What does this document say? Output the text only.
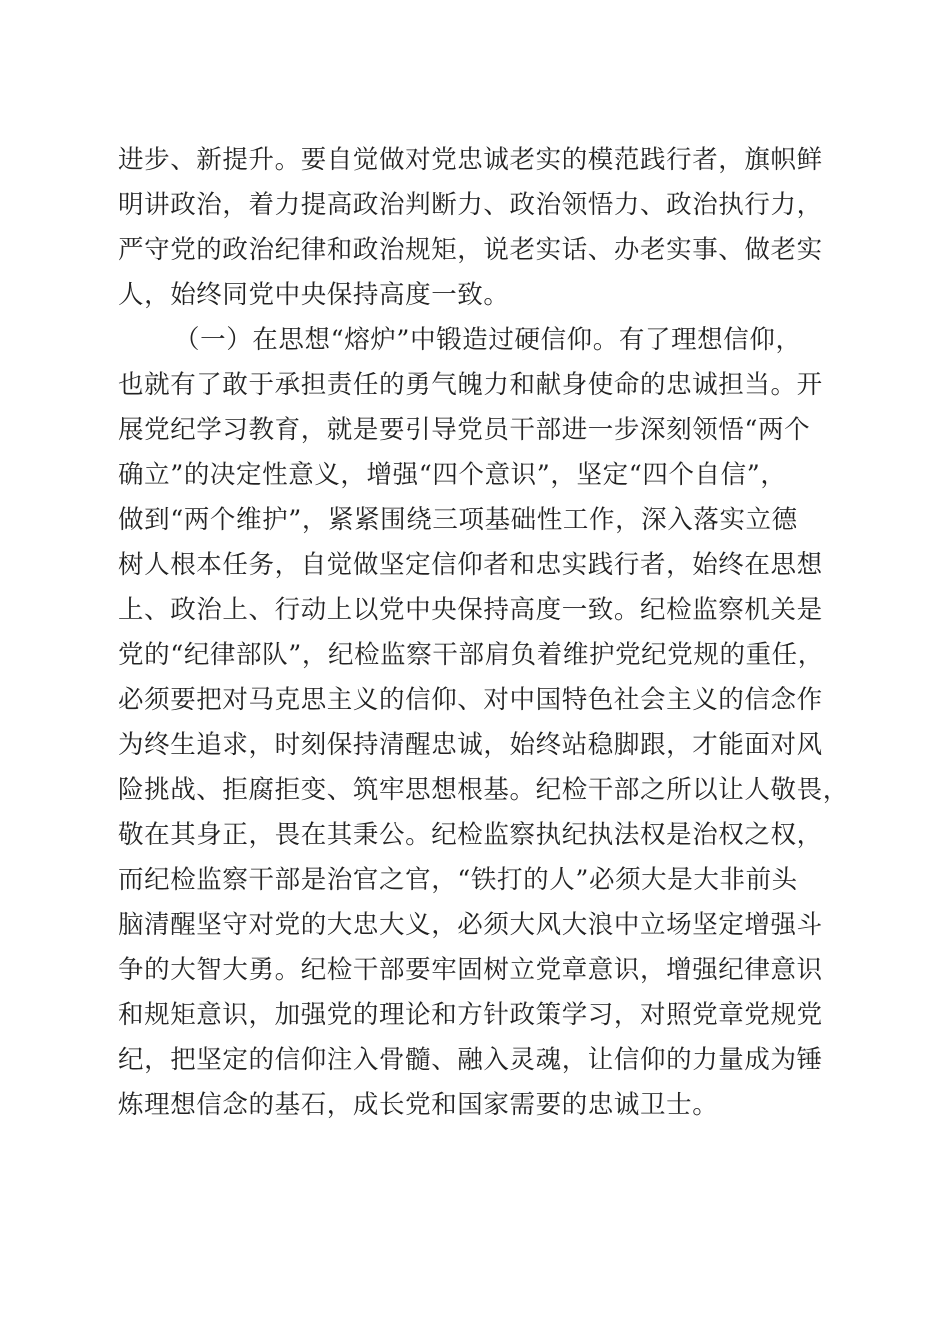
进步、新提升。要自觉做对党忠诚老实的模范践行者，旗帜鲜
明讲政治，着力提高政治判断力、政治领悟力、政治执行力，
严守党的政治纪律和政治规矩，说老实话、办老实事、做老实
人，始终同党中央保持高度一致。
（一）在思想“熔炉”中锻造过硬信仰。有了理想信仰，
也就有了敢于承担责任的勇气魄力和献身使命的忠诚担当。开
展党纪学习教育，就是要引导党员干部进一步深刻领悟“两个
确立”的决定性意义，增强“四个意识”，坚定“四个自信”，
做到“两个维护”，紧紧围绕三项基础性工作，深入落实立德
树人根本任务，自觉做坚定信仰者和忠实践行者，始终在思想
上、政治上、行动上以党中央保持高度一致。纪检监察机关是
党的“纪律部队”，纪检监察干部肩负着维护党纪党规的重任，
必须要把对马克思主义的信仰、对中国特色社会主义的信念作
为终生追求，时刻保持清醒忠诚，始终站稳脚跟，才能面对风
险挑战、拒腐拒变、筑牢思想根基。纪检干部之所以让人敬畏，
敬在其身正，畏在其秉公。纪检监察执纪执法权是治权之权，
而纪检监察干部是治官之官，“铁打的人”必须大是大非前头
脑清醒坚守对党的大忠大义，必须大风大浪中立场坚定增强斗
争的大智大勇。纪检干部要牢固树立党章意识，增强纪律意识
和规矩意识，加强党的理论和方针政策学习，对照党章党规党
纪，把坚定的信仰注入骨髓、融入灵魂，让信仰的力量成为锤
炼理想信念的基石，成长党和国家需要的忠诚卫士。
